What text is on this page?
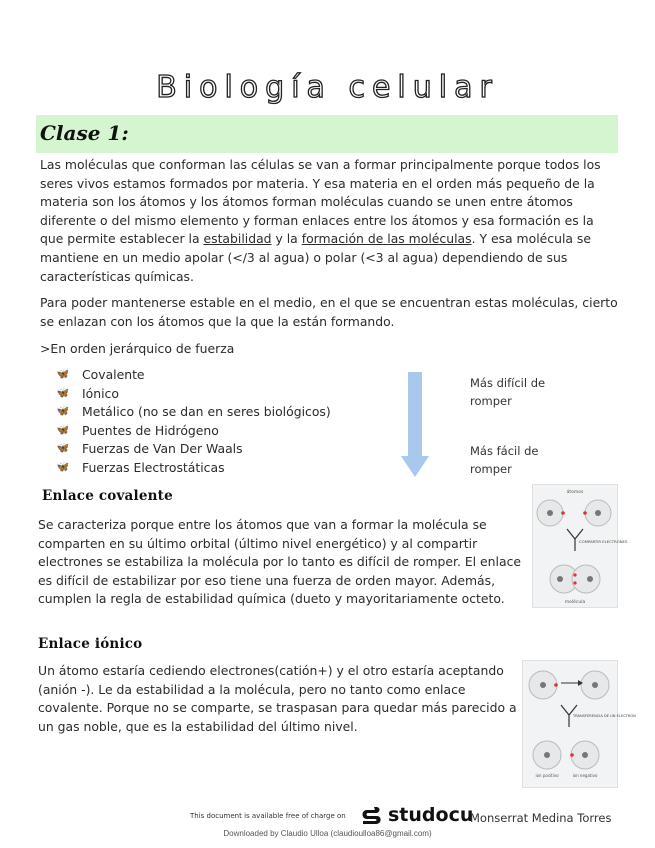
Biología celular
Clase 1:

Las moléculas que conforman las células se van a formar principalmente porque todos los seres vivos estamos formados por materia. Y esa materia en el orden más pequeño de la materia son los átomos y los átomos forman moléculas cuando se unen entre átomos diferente o del mismo elemento y forman enlaces entre los átomos y esa formación es la que permite establecer la estabilidad y la formación de las moléculas. Y esa molécula se mantiene en un medio apolar (</3 al agua) o polar (<3 al agua) dependiendo de sus características químicas.

Para poder mantenerse estable en el medio, en el que se encuentran estas moléculas, cierto se enlazan con los átomos que la que la están formando.

>En orden jerárquico de fuerza

🦋 Covalente
🦋 Iónico
🦋 Metálico (no se dan en seres biológicos)
🦋 Puentes de Hidrógeno
🦋 Fuerzas de Van Der Waals
🦋 Fuerzas Electrostáticas
Más difícil de romper
Más fácil de romper
Enlace covalente

Se caracteriza porque entre los átomos que van a formar la molécula se comparten en su último orbital (último nivel energético) y al compartir electrones se estabiliza la molécula por lo tanto es difícil de romper. El enlace es difícil de estabilizar por eso tiene una fuerza de orden mayor. Además, cumplen la regla de estabilidad química (dueto y mayoritariamente octeto.

átomos
COMPARTIR ELECTRONES
molécula
Enlace iónico

Un átomo estaría cediendo electrones(catión+) y el otro estaría aceptando (anión -). Le da estabilidad a la molécula, pero no tanto como enlace covalente. Porque no se comparte, se traspasan para quedar más parecido a un gas noble, que es la estabilidad del último nivel.

TRANSFERENCIA DE UN ELECTRÓN
ion positivo	ion negativo
This document is available free of charge on studocu
Monserrat Medina Torres
Downloaded by Claudio Ulloa (claudioulloa86@gmail.com)
